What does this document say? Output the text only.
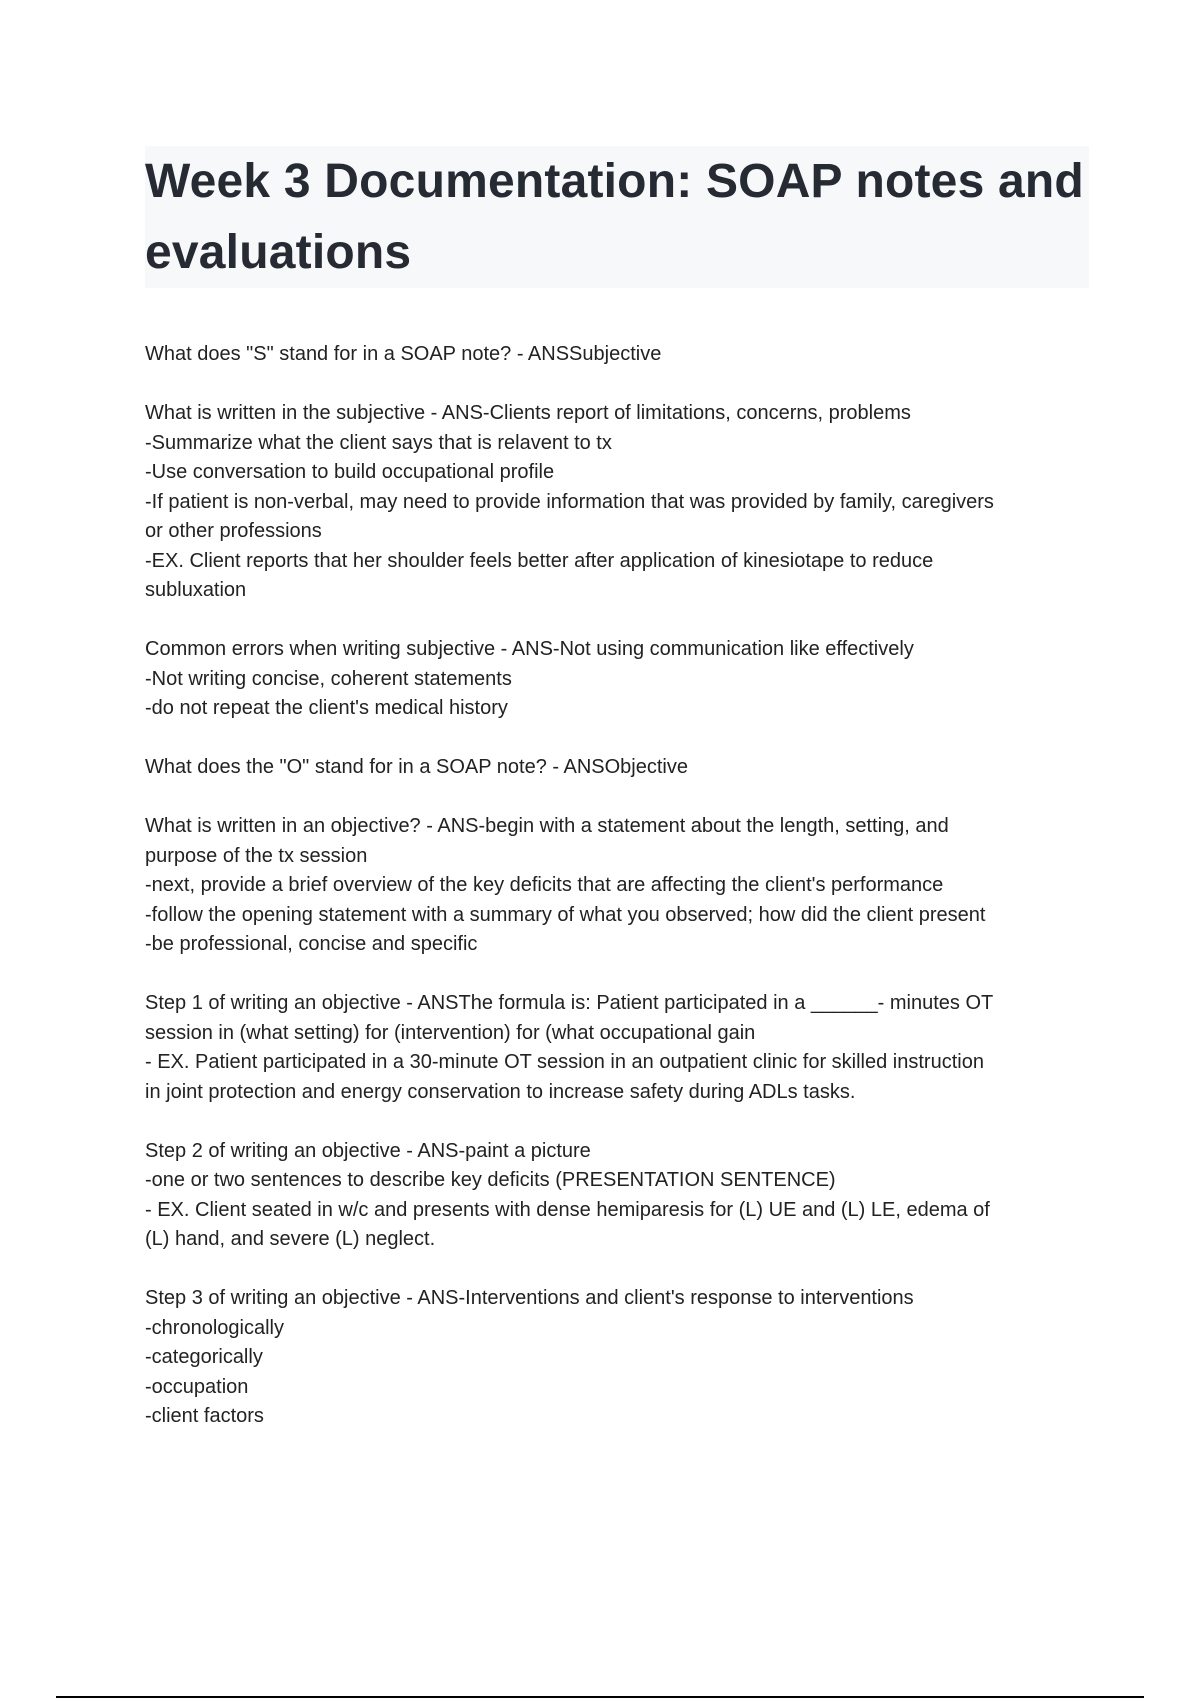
Week 3 Documentation: SOAP notes and
evaluations
What does "S" stand for in a SOAP note? - ANSSubjective
What is written in the subjective - ANS-Clients report of limitations, concerns, problems
-Summarize what the client says that is relavent to tx
-Use conversation to build occupational profile
-If patient is non-verbal, may need to provide information that was provided by family, caregivers
or other professions
-EX. Client reports that her shoulder feels better after application of kinesiotape to reduce
subluxation
Common errors when writing subjective - ANS-Not using communication like effectively
-Not writing concise, coherent statements
-do not repeat the client's medical history
What does the "O" stand for in a SOAP note? - ANSObjective
What is written in an objective? - ANS-begin with a statement about the length, setting, and
purpose of the tx session
-next, provide a brief overview of the key deficits that are affecting the client's performance
-follow the opening statement with a summary of what you observed; how did the client present
-be professional, concise and specific
Step 1 of writing an objective - ANSThe formula is: Patient participated in a ______- minutes OT
session in (what setting) for (intervention) for (what occupational gain
- EX. Patient participated in a 30-minute OT session in an outpatient clinic for skilled instruction
in joint protection and energy conservation to increase safety during ADLs tasks.
Step 2 of writing an objective - ANS-paint a picture
-one or two sentences to describe key deficits (PRESENTATION SENTENCE)
- EX. Client seated in w/c and presents with dense hemiparesis for (L) UE and (L) LE, edema of
(L) hand, and severe (L) neglect.
Step 3 of writing an objective - ANS-Interventions and client's response to interventions
-chronologically
-categorically
-occupation
-client factors
